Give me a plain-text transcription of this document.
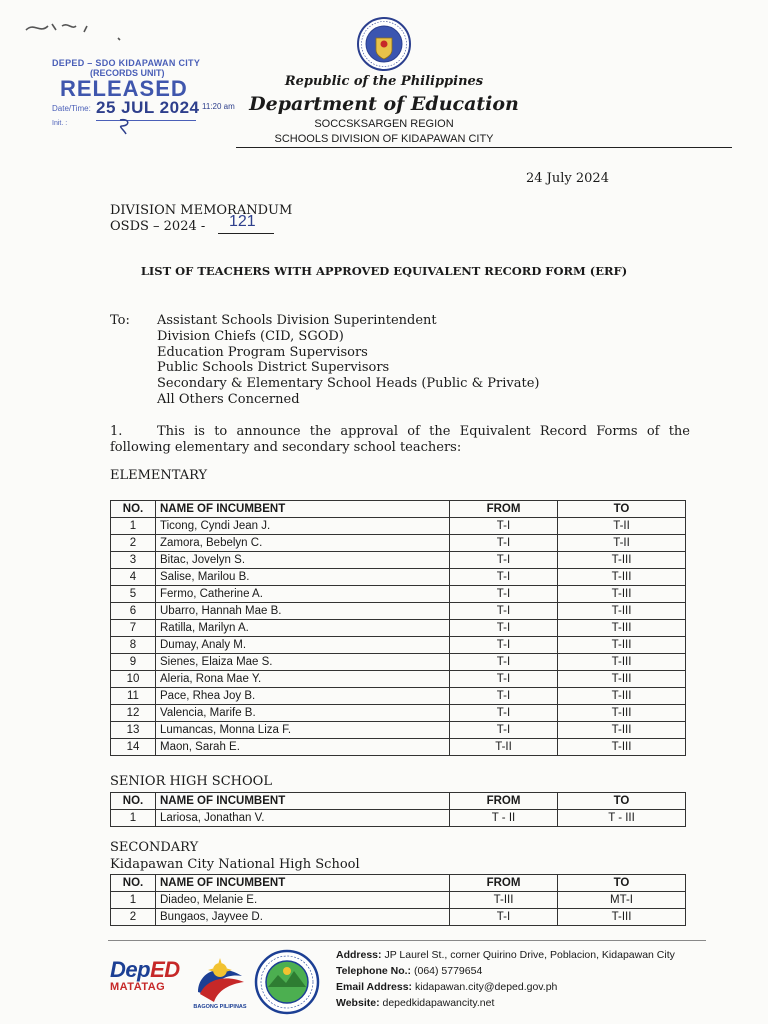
DEPED – SDO KIDAPAWAN CITY
(RECORDS UNIT)
RELEASED
Date/Time: 25 JUL 2024 11:20 am
Init. :
Republic of the Philippines
Department of Education
SOCCSKSARGEN REGION
SCHOOLS DIVISION OF KIDAPAWAN CITY
24 July 2024
DIVISION MEMORANDUM
OSDS – 2024 - 121
LIST OF TEACHERS WITH APPROVED EQUIVALENT RECORD FORM (ERF)
To: Assistant Schools Division Superintendent
Division Chiefs (CID, SGOD)
Education Program Supervisors
Public Schools District Supervisors
Secondary & Elementary School Heads (Public & Private)
All Others Concerned
1.	This is to announce the approval of the Equivalent Record Forms of the following elementary and secondary school teachers:
ELEMENTARY
NO.	NAME OF INCUMBENT	FROM	TO
1	Ticong, Cyndi Jean J.	T-I	T-II
2	Zamora, Bebelyn C.	T-I	T-II
3	Bitac, Jovelyn S.	T-I	T-III
4	Salise, Marilou B.	T-I	T-III
5	Fermo, Catherine A.	T-I	T-III
6	Ubarro, Hannah Mae B.	T-I	T-III
7	Ratilla, Marilyn A.	T-I	T-III
8	Dumay, Analy M.	T-I	T-III
9	Sienes, Elaiza Mae S.	T-I	T-III
10	Aleria, Rona Mae Y.	T-I	T-III
11	Pace, Rhea Joy B.	T-I	T-III
12	Valencia, Marife B.	T-I	T-III
13	Lumancas, Monna Liza F.	T-I	T-III
14	Maon, Sarah E.	T-II	T-III
SENIOR HIGH SCHOOL
NO.	NAME OF INCUMBENT	FROM	TO
1	Lariosa, Jonathan V.	T - II	T - III
SECONDARY
Kidapawan City National High School
NO.	NAME OF INCUMBENT	FROM	TO
1	Diadeo, Melanie E.	T-III	MT-I
2	Bungaos, Jayvee D.	T-I	T-III
DepED
MATATAG
BAGONG PILIPINAS
Address: JP Laurel St., corner Quirino Drive, Poblacion, Kidapawan City
Telephone No.: (064) 5779654
Email Address: kidapawan.city@deped.gov.ph
Website: depedkidapawancity.net
